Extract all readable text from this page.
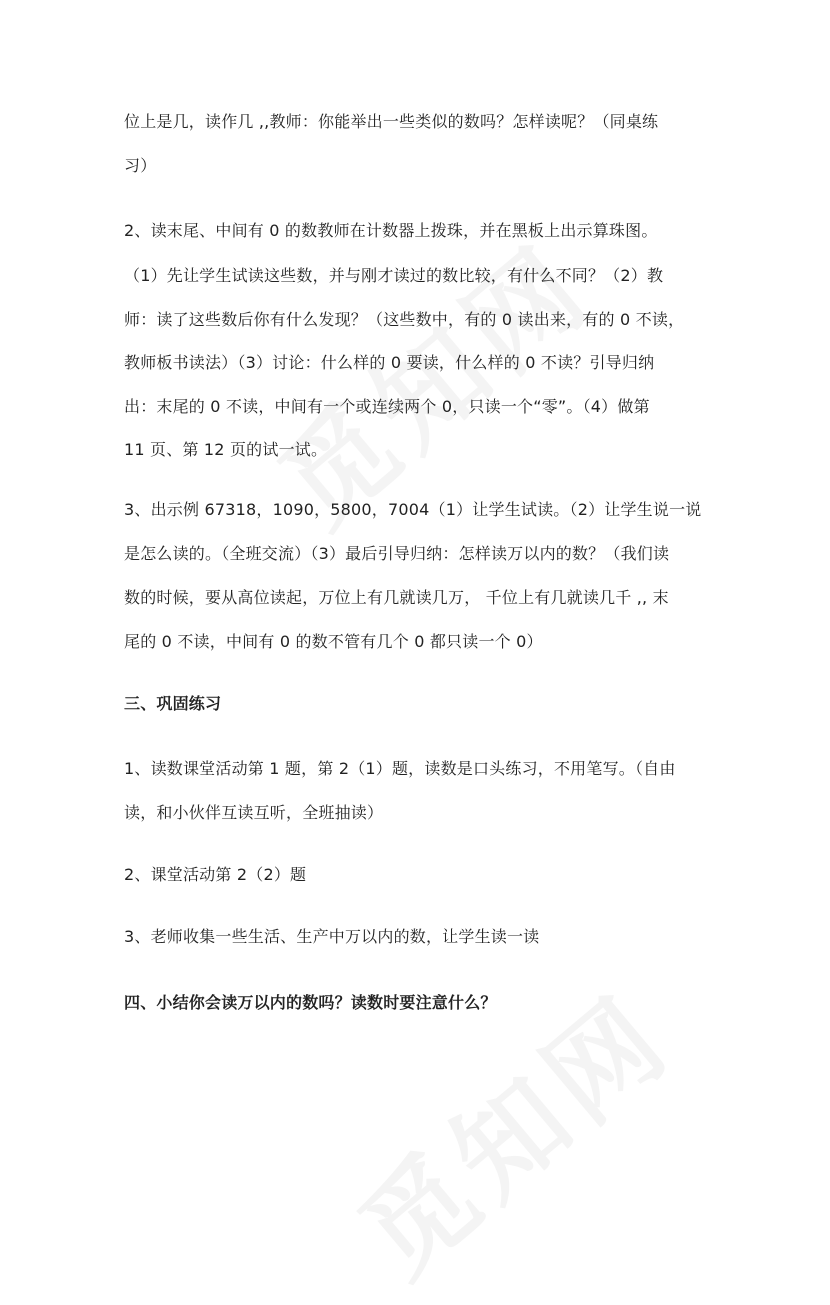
位上是几，读作几 ,,教师：你能举出一些类似的数吗？怎样读呢？（同桌练
习）
2、读末尾、中间有 0 的数教师在计数器上拨珠，并在黑板上出示算珠图。
（1）先让学生试读这些数，并与刚才读过的数比较，有什么不同？（2）教
师：读了这些数后你有什么发现？（这些数中，有的 0 读出来，有的 0 不读，
教师板书读法）（3）讨论：什么样的 0 要读，什么样的 0 不读？引导归纳
出：末尾的 0 不读，中间有一个或连续两个 0，只读一个“零”。（4）做第
11 页、第 12 页的试一试。
3、出示例 67318，1090，5800，7004（1）让学生试读。（2）让学生说一说
是怎么读的。（全班交流）（3）最后引导归纳：怎样读万以内的数？（我们读
数的时候，要从高位读起，万位上有几就读几万， 千位上有几就读几千 ,, 末
尾的 0 不读，中间有 0 的数不管有几个 0 都只读一个 0）
三、巩固练习
1、读数课堂活动第 1 题，第 2（1）题，读数是口头练习，不用笔写。（自由
读，和小伙伴互读互听，全班抽读）
2、课堂活动第 2（2）题
3、老师收集一些生活、生产中万以内的数，让学生读一读
四、小结你会读万以内的数吗？读数时要注意什么？
